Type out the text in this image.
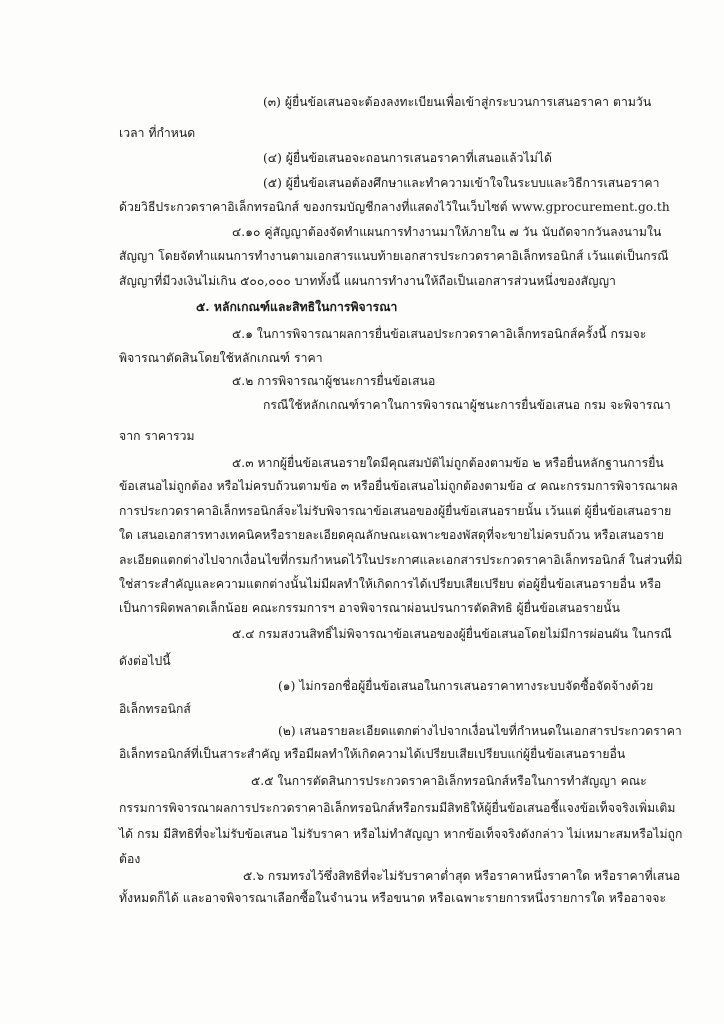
(๓) ผู้ยื่นข้อเสนอจะต้องลงทะเบียนเพื่อเข้าสู่กระบวนการเสนอราคา ตามวัน
เวลา ที่กำหนด
(๔) ผู้ยื่นข้อเสนอจะถอนการเสนอราคาที่เสนอแล้วไม่ได้
(๕) ผู้ยื่นข้อเสนอต้องศึกษาและทำความเข้าใจในระบบและวิธีการเสนอราคา
ด้วยวิธีประกวดราคาอิเล็กทรอนิกส์ ของกรมบัญชีกลางที่แสดงไว้ในเว็บไซต์ www.gprocurement.go.th
๔.๑๐ คู่สัญญาต้องจัดทำแผนการทำงานมาให้ภายใน ๗ วัน นับถัดจากวันลงนามใน
สัญญา โดยจัดทำแผนการทำงานตามเอกสารแนบท้ายเอกสารประกวดราคาอิเล็กทรอนิกส์ เว้นแต่เป็นกรณี
สัญญาที่มีวงเงินไม่เกิน ๕๐๐,๐๐๐ บาททั้งนี้ แผนการทำงานให้ถือเป็นเอกสารส่วนหนึ่งของสัญญา
๕. หลักเกณฑ์และสิทธิในการพิจารณา
๕.๑ ในการพิจารณาผลการยื่นข้อเสนอประกวดราคาอิเล็กทรอนิกส์ครั้งนี้ กรมจะ
พิจารณาตัดสินโดยใช้หลักเกณฑ์ ราคา
๕.๒ การพิจารณาผู้ชนะการยื่นข้อเสนอ
กรณีใช้หลักเกณฑ์ราคาในการพิจารณาผู้ชนะการยื่นข้อเสนอ กรม จะพิจารณา
จาก ราคารวม
๕.๓ หากผู้ยื่นข้อเสนอรายใดมีคุณสมบัติไม่ถูกต้องตามข้อ ๒ หรือยื่นหลักฐานการยื่น
ข้อเสนอไม่ถูกต้อง หรือไม่ครบถ้วนตามข้อ ๓ หรือยื่นข้อเสนอไม่ถูกต้องตามข้อ ๔ คณะกรรมการพิจารณาผล
การประกวดราคาอิเล็กทรอนิกส์จะไม่รับพิจารณาข้อเสนอของผู้ยื่นข้อเสนอรายนั้น เว้นแต่ ผู้ยื่นข้อเสนอราย
ใด เสนอเอกสารทางเทคนิคหรือรายละเอียดคุณลักษณะเฉพาะของพัสดุที่จะขายไม่ครบถ้วน หรือเสนอราย
ละเอียดแตกต่างไปจากเงื่อนไขที่กรมกำหนดไว้ในประกาศและเอกสารประกวดราคาอิเล็กทรอนิกส์ ในส่วนที่มิ
ใช่สาระสำคัญและความแตกต่างนั้นไม่มีผลทำให้เกิดการได้เปรียบเสียเปรียบ ต่อผู้ยื่นข้อเสนอรายอื่น หรือ
เป็นการผิดพลาดเล็กน้อย คณะกรรมการฯ อาจพิจารณาผ่อนปรนการตัดสิทธิ ผู้ยื่นข้อเสนอรายนั้น
๕.๔ กรมสงวนสิทธิ์ไม่พิจารณาข้อเสนอของผู้ยื่นข้อเสนอโดยไม่มีการผ่อนผัน ในกรณี
ดังต่อไปนี้
(๑) ไม่กรอกชื่อผู้ยื่นข้อเสนอในการเสนอราคาทางระบบจัดซื้อจัดจ้างด้วย
อิเล็กทรอนิกส์
(๒) เสนอรายละเอียดแตกต่างไปจากเงื่อนไขที่กำหนดในเอกสารประกวดราคา
อิเล็กทรอนิกส์ที่เป็นสาระสำคัญ หรือมีผลทำให้เกิดความได้เปรียบเสียเปรียบแก่ผู้ยื่นข้อเสนอรายอื่น
๕.๕ ในการตัดสินการประกวดราคาอิเล็กทรอนิกส์หรือในการทำสัญญา คณะ
กรรมการพิจารณาผลการประกวดราคาอิเล็กทรอนิกส์หรือกรมมีสิทธิให้ผู้ยื่นข้อเสนอชี้แจงข้อเท็จจริงเพิ่มเติม
ได้ กรม มีสิทธิที่จะไม่รับข้อเสนอ ไม่รับราคา หรือไม่ทำสัญญา หากข้อเท็จจริงดังกล่าว ไม่เหมาะสมหรือไม่ถูก
ต้อง
๕.๖ กรมทรงไว้ซึ่งสิทธิที่จะไม่รับราคาต่ำสุด หรือราคาหนึ่งราคาใด หรือราคาที่เสนอ
ทั้งหมดก็ได้ และอาจพิจารณาเลือกซื้อในจำนวน หรือขนาด หรือเฉพาะรายการหนึ่งรายการใด หรืออาจจะ
